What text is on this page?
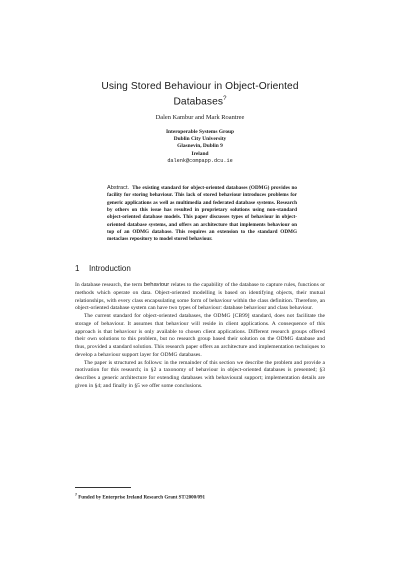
Using Stored Behaviour in Object-Oriented
Databases?
Dalen Kambur and Mark Roantree
Interoperable Systems Group
Dublin City University
Glasnevin, Dublin 9
Ireland
dalenk@compapp.dcu.ie
Abstract. The existing standard for object-oriented databases (ODMG) provides no facility for storing behaviour. This lack of stored behaviour introduces problems for generic applications as well as multimedia and federated database systems. Research by others on this issue has resulted in proprietary solutions using non-standard object-oriented database models. This paper discusses types of behaviour in object-oriented database systems, and offers an architecture that implements behaviour on top of an ODMG database. This requires an extension to the standard ODMG metaclass repository to model stored behaviour.
1 Introduction

In database research, the term behaviour relates to the capability of the database to capture rules, functions or methods which operate on data. Object-oriented modelling is based on identifying objects, their mutual relationships, with every class encapsulating some form of behaviour within the class definition. Therefore, an object-oriented database system can have two types of behaviour: database behaviour and class behaviour.

The current standard for object-oriented databases, the ODMG [CB99] standard, does not facilitate the storage of behaviour. It assumes that behaviour will reside in client applications. A consequence of this approach is that behaviour is only available to chosen client applications. Different research groups offered their own solutions to this problem, but no research group based their solution on the ODMG database and thus, provided a standard solution. This research paper offers an architecture and implementation techniques to develop a behaviour support layer for ODMG databases.

The paper is structured as follows: in the remainder of this section we describe the problem and provide a motivation for this research; in §2 a taxonomy of behaviour in object-oriented databases is presented; §3 describes a generic architecture for extending databases with behavioural support; implementation details are given in §4; and finally in §5 we offer some conclusions.

? Funded by Enterprise Ireland Research Grant ST/2000/091
